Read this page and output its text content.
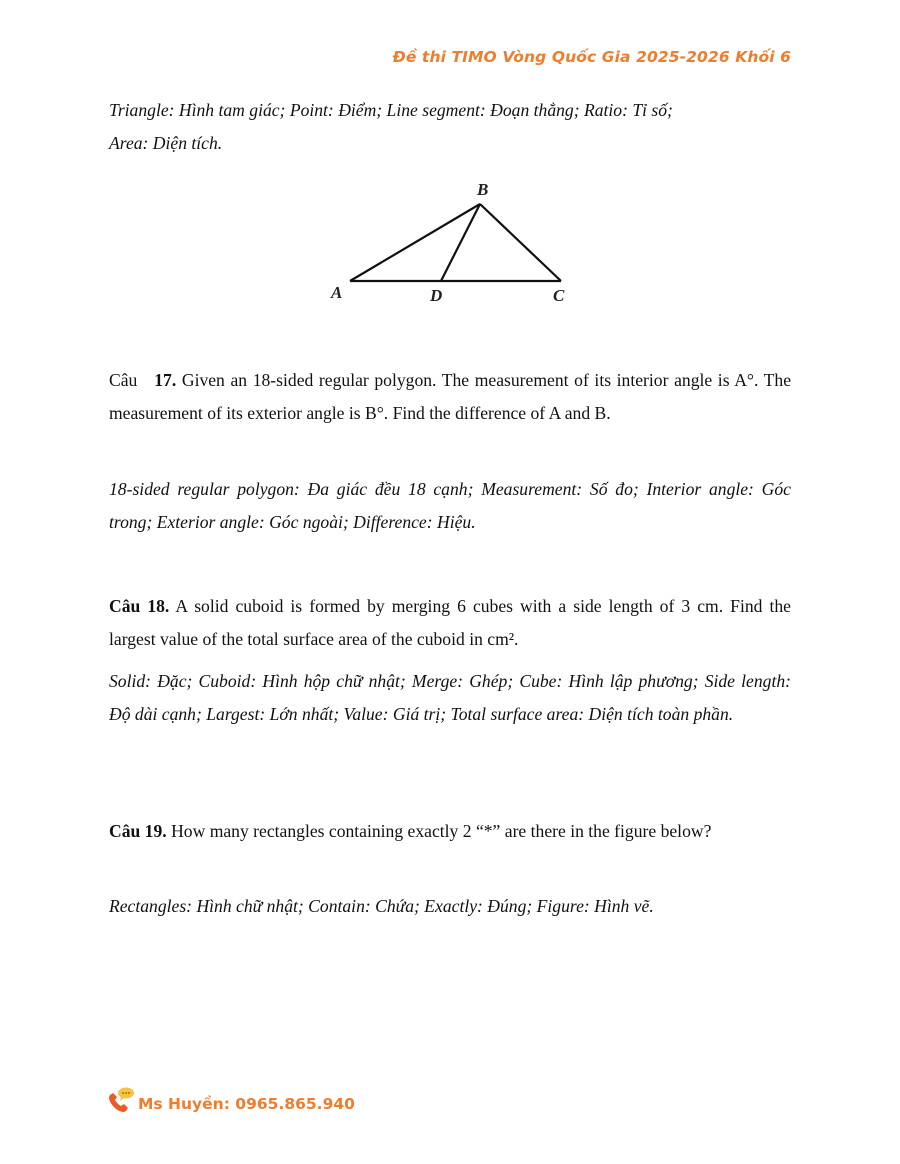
Đề thi TIMO Vòng Quốc Gia 2025-2026 Khối 6

Triangle: Hình tam giác; Point: Điểm; Line segment: Đoạn thẳng; Ratio: Tỉ số;
Area: Diện tích.

B
A	D	C

Câu 17. Given an 18-sided regular polygon. The measurement of its interior angle is A°. The measurement of its exterior angle is B°. Find the difference of A and B.

18-sided regular polygon: Đa giác đều 18 cạnh; Measurement: Số đo; Interior angle: Góc trong; Exterior angle: Góc ngoài; Difference: Hiệu.

Câu 18. A solid cuboid is formed by merging 6 cubes with a side length of 3 cm. Find the largest value of the total surface area of the cuboid in cm².

Solid: Đặc; Cuboid: Hình hộp chữ nhật; Merge: Ghép; Cube: Hình lập phương; Side length: Độ dài cạnh; Largest: Lớn nhất; Value: Giá trị; Total surface area: Diện tích toàn phần.

Câu 19. How many rectangles containing exactly 2 “*” are there in the figure below?

Rectangles: Hình chữ nhật; Contain: Chứa; Exactly: Đúng; Figure: Hình vẽ.

Ms Huyền: 0965.865.940
